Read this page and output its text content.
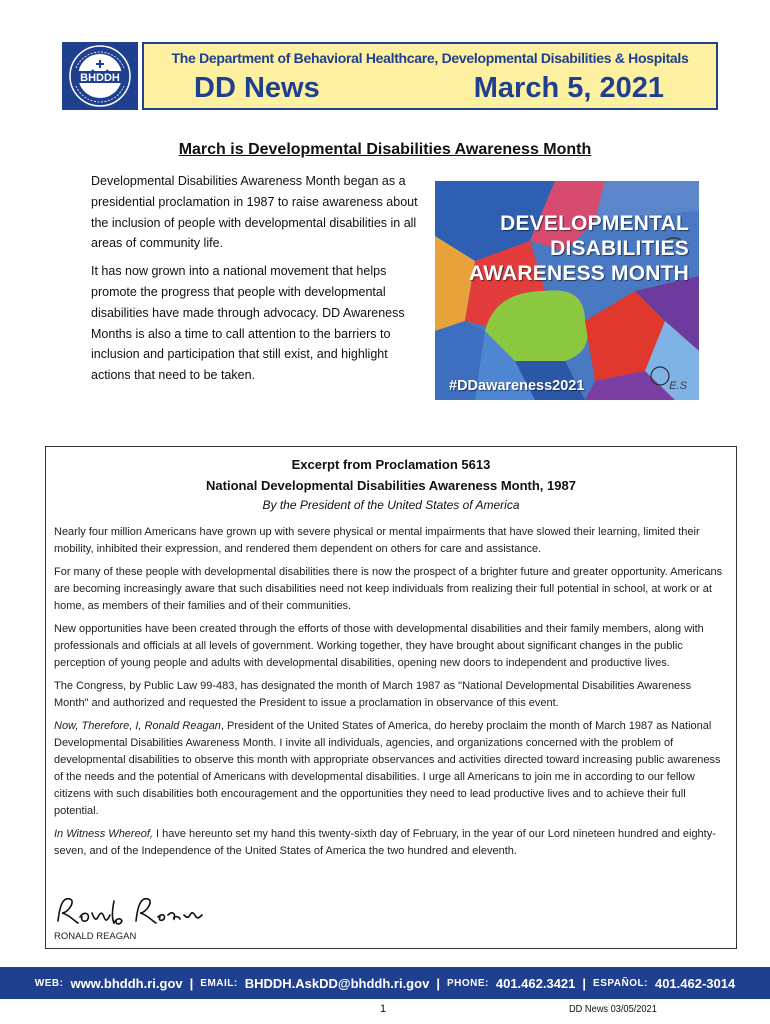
BHDDH
The Department of Behavioral Healthcare, Developmental Disabilities & Hospitals
DD News	March 5, 2021
March is Developmental Disabilities Awareness Month

Developmental Disabilities Awareness Month began as a presidential proclamation in 1987 to raise awareness about the inclusion of people with developmental disabilities in all areas of community life.

It has now grown into a national movement that helps promote the progress that people with developmental disabilities have made through advocacy. DD Awareness Months is also a time to call attention to the barriers to inclusion and participation that still exist, and highlight actions that need to be taken.

DEVELOPMENTAL
DISABILITIES
AWARENESS MONTH
#DDawareness2021	E.S
Excerpt from Proclamation 5613
National Developmental Disabilities Awareness Month, 1987
By the President of the United States of America

Nearly four million Americans have grown up with severe physical or mental impairments that have slowed their learning, limited their mobility, inhibited their expression, and rendered them dependent on others for care and assistance.

For many of these people with developmental disabilities there is now the prospect of a brighter future and greater opportunity. Americans are becoming increasingly aware that such disabilities need not keep individuals from realizing their full potential in school, at work or at home, as members of their families and of their communities.

New opportunities have been created through the efforts of those with developmental disabilities and their family members, along with professionals and officials at all levels of government. Working together, they have brought about significant changes in the public perception of young people and adults with developmental disabilities, opening new doors to independent and productive lives.

The Congress, by Public Law 99-483, has designated the month of March 1987 as "National Developmental Disabilities Awareness Month" and authorized and requested the President to issue a proclamation in observance of this event.

Now, Therefore, I, Ronald Reagan, President of the United States of America, do hereby proclaim the month of March 1987 as National Developmental Disabilities Awareness Month. I invite all individuals, agencies, and organizations concerned with the problem of developmental disabilities to observe this month with appropriate observances and activities directed toward increasing public awareness of the needs and the potential of Americans with developmental disabilities. I urge all Americans to join me in according to our fellow citizens with such disabilities both encouragement and the opportunities they need to lead productive lives and to achieve their full potential.

In Witness Whereof, I have hereunto set my hand this twenty-sixth day of February, in the year of our Lord nineteen hundred and eighty-seven, and of the Independence of the United States of America the two hundred and eleventh.

RONALD REAGAN
WEB: www.bhddh.ri.gov | EMAIL: BHDDH.AskDD@bhddh.ri.gov | PHONE: 401.462.3421 | ESPAÑOL: 401.462-3014
1	DD News 03/05/2021
